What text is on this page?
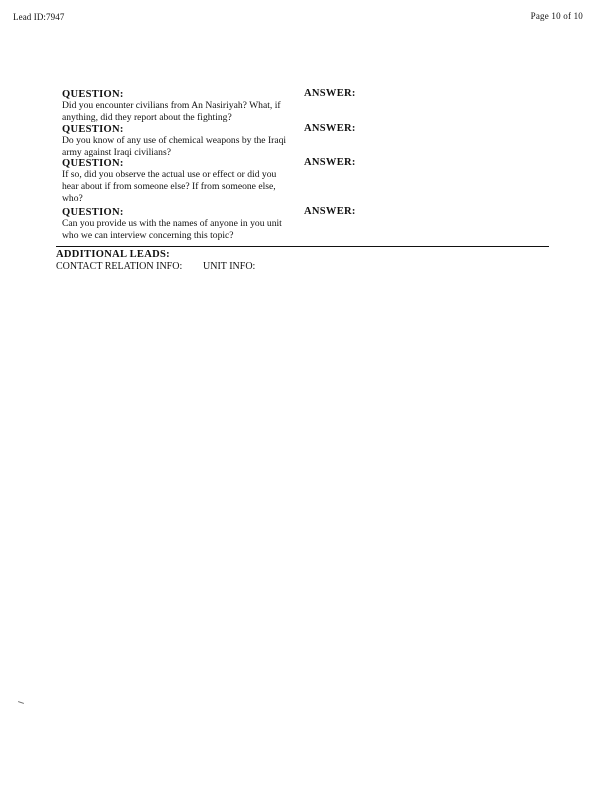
Lead ID:7947	Page 10 of 10
QUESTION:	ANSWER:
Did you encounter civilians from An Nasiriyah? What, if
anything, did they report about the fighting?
QUESTION:	ANSWER:
Do you know of any use of chemical weapons by the Iraqi
army against Iraqi civilians?
QUESTION:	ANSWER:
If so, did you observe the actual use or effect or did you
hear about if from someone else? If from someone else,
who?
QUESTION:	ANSWER:
Can you provide us with the names of anyone in you unit
who we can interview concerning this topic?
ADDITIONAL LEADS:
CONTACT RELATION INFO: UNIT INFO:
